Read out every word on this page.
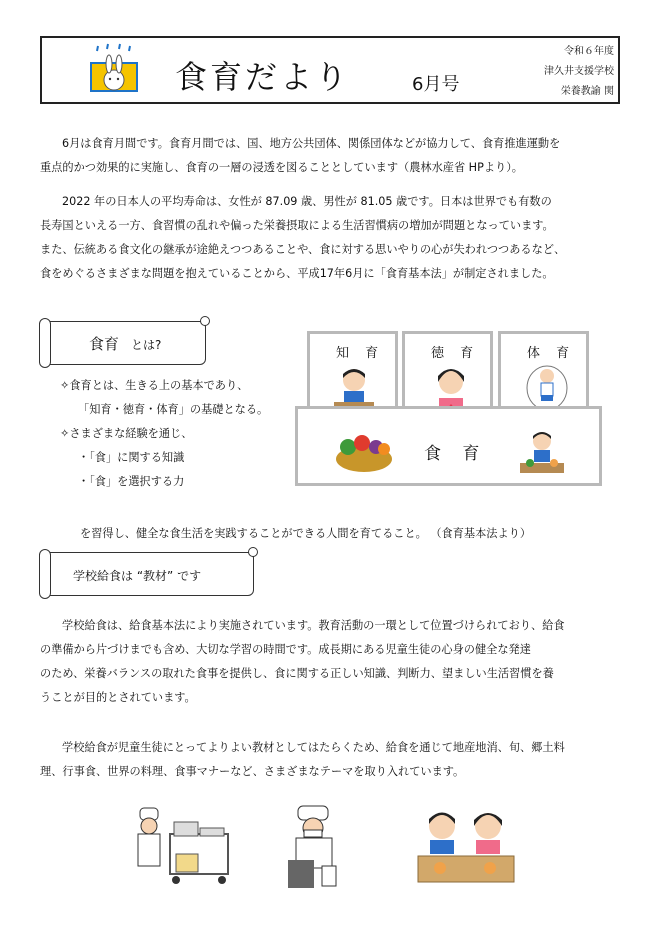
食育だより	6月号
令和６年度
津久井支援学校
栄養教諭 関
6月は食育月間です。食育月間では、国、地方公共団体、関係団体などが協力して、食育推進運動を
重点的かつ効果的に実施し、食育の一層の浸透を図ることとしています（農林水産省 HPより）。
2022 年の日本人の平均寿命は、女性が 87.09 歳、男性が 81.05 歳です。日本は世界でも有数の
長寿国といえる一方、食習慣の乱れや偏った栄養摂取による生活習慣病の増加が問題となっています。
また、伝統ある食文化の継承が途絶えつつあることや、食に対する思いやりの心が失われつつあるなど、
食をめぐるさまざまな問題を抱えていることから、平成17年6月に「食育基本法」が制定されました。
食育 とは?
✧食育とは、生きる上の基本であり、
「知育・徳育・体育」の基礎となる。
✧さまざまな経験を通じ、
・「食」に関する知識
・「食」を選択する力
を習得し、健全な食生活を実践することができる人間を育てること。 （食育基本法より）
知 育	徳 育	体 育
食 育
学校給食は “教材” です
学校給食は、給食基本法により実施されています。教育活動の一環として位置づけられており、給食
の準備から片づけまでも含め、大切な学習の時間です。成長期にある児童生徒の心身の健全な発達
のため、栄養バランスの取れた食事を提供し、食に関する正しい知識、判断力、望ましい生活習慣を養
うことが目的とされています。
学校給食が児童生徒にとってよりよい教材としてはたらくため、給食を通じて地産地消、旬、郷土料
理、行事食、世界の料理、食事マナーなど、さまざまなテーマを取り入れています。
